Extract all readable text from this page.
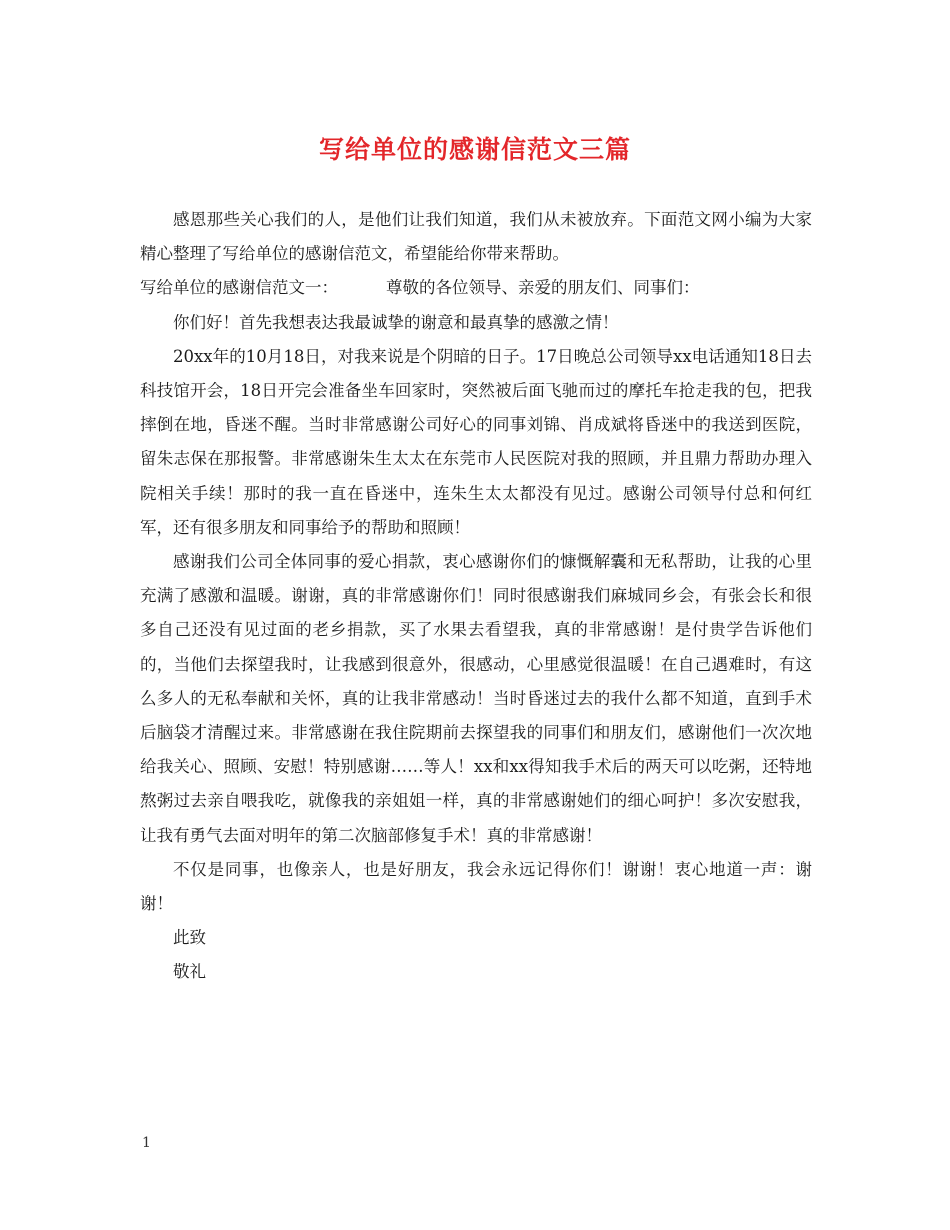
写给单位的感谢信范文三篇

感恩那些关心我们的人，是他们让我们知道，我们从未被放弃。下面范文网小编为大家精心整理了写给单位的感谢信范文，希望能给你带来帮助。

写给单位的感谢信范文一：	尊敬的各位领导、亲爱的朋友们、同事们：

你们好！首先我想表达我最诚挚的谢意和最真挚的感激之情！

20xx年的10月18日，对我来说是个阴暗的日子。17日晚总公司领导xx电话通知18日去科技馆开会，18日开完会准备坐车回家时，突然被后面飞驰而过的摩托车抢走我的包，把我摔倒在地，昏迷不醒。当时非常感谢公司好心的同事刘锦、肖成斌将昏迷中的我送到医院，留朱志保在那报警。非常感谢朱生太太在东莞市人民医院对我的照顾，并且鼎力帮助办理入院相关手续！那时的我一直在昏迷中，连朱生太太都没有见过。感谢公司领导付总和何红军，还有很多朋友和同事给予的帮助和照顾！

感谢我们公司全体同事的爱心捐款，衷心感谢你们的慷慨解囊和无私帮助，让我的心里充满了感激和温暖。谢谢，真的非常感谢你们！同时很感谢我们麻城同乡会，有张会长和很多自己还没有见过面的老乡捐款，买了水果去看望我，真的非常感谢！是付贵学告诉他们的，当他们去探望我时，让我感到很意外，很感动，心里感觉很温暖！在自己遇难时，有这么多人的无私奉献和关怀，真的让我非常感动！当时昏迷过去的我什么都不知道，直到手术后脑袋才清醒过来。非常感谢在我住院期前去探望我的同事们和朋友们，感谢他们一次次地给我关心、照顾、安慰！特别感谢……等人！xx和xx得知我手术后的两天可以吃粥，还特地熬粥过去亲自喂我吃，就像我的亲姐姐一样，真的非常感谢她们的细心呵护！多次安慰我，让我有勇气去面对明年的第二次脑部修复手术！真的非常感谢！

不仅是同事，也像亲人，也是好朋友，我会永远记得你们！谢谢！衷心地道一声：谢谢！

此致

敬礼

1
